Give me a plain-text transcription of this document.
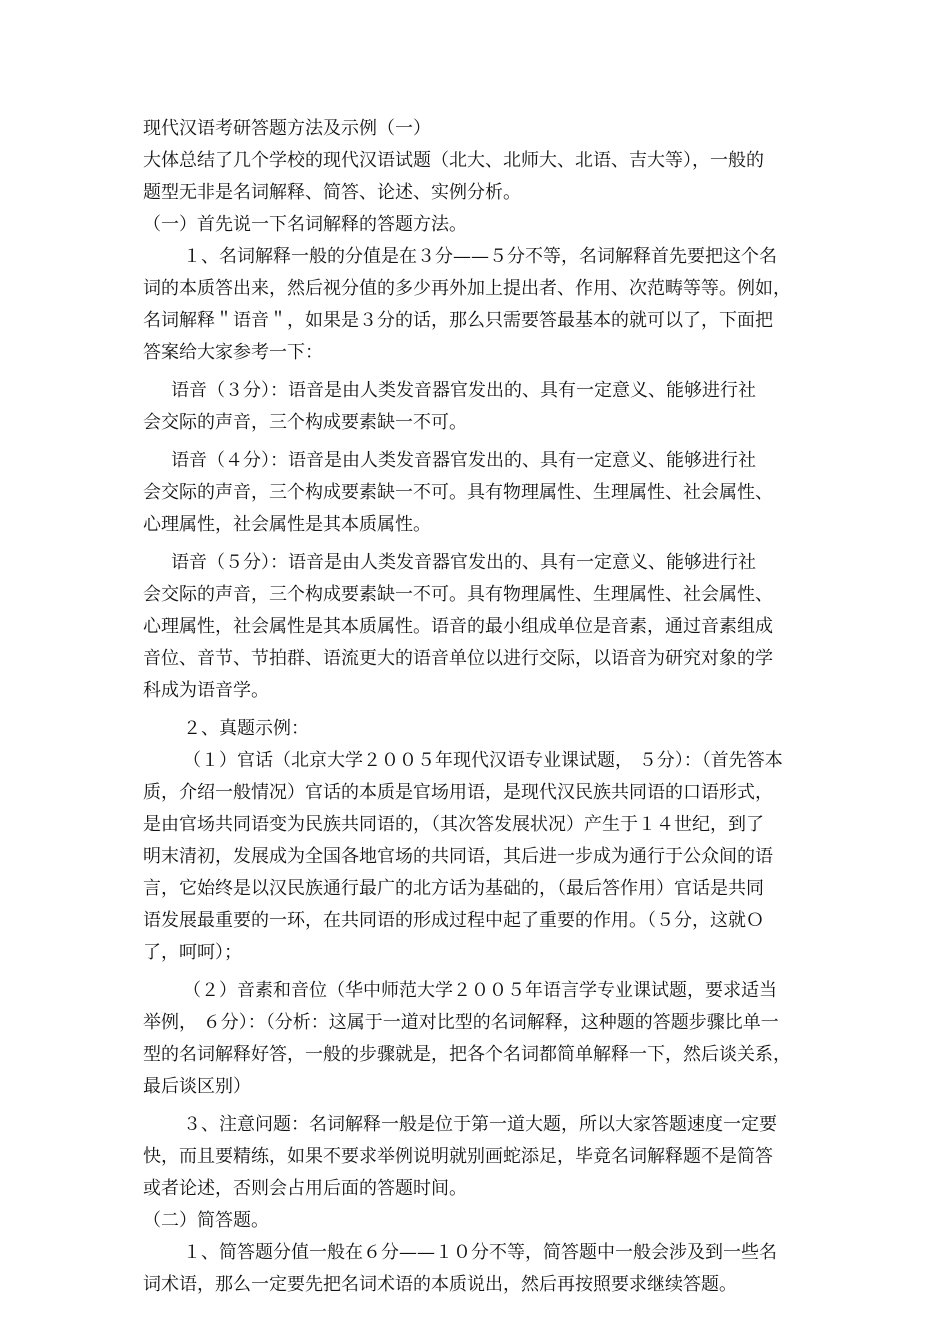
现代汉语考研答题方法及示例（一）
大体总结了几个学校的现代汉语试题（北大、北师大、北语、吉大等），一般的
题型无非是名词解释、简答、论述、实例分析。
（一）首先说一下名词解释的答题方法。
１、名词解释一般的分值是在３分——５分不等，名词解释首先要把这个名
词的本质答出来，然后视分值的多少再外加上提出者、作用、次范畴等等。例如，
名词解释＂语音＂，如果是３分的话，那么只需要答最基本的就可以了，下面把
答案给大家参考一下：
语音（３分）：语音是由人类发音器官发出的、具有一定意义、能够进行社
会交际的声音，三个构成要素缺一不可。
语音（４分）：语音是由人类发音器官发出的、具有一定意义、能够进行社
会交际的声音，三个构成要素缺一不可。具有物理属性、生理属性、社会属性、
心理属性，社会属性是其本质属性。
语音（５分）：语音是由人类发音器官发出的、具有一定意义、能够进行社
会交际的声音，三个构成要素缺一不可。具有物理属性、生理属性、社会属性、
心理属性，社会属性是其本质属性。语音的最小组成单位是音素，通过音素组成
音位、音节、节拍群、语流更大的语音单位以进行交际，以语音为研究对象的学
科成为语音学。
２、真题示例：
（１）官话（北京大学２００５年现代汉语专业课试题， ５分）：（首先答本
质，介绍一般情况）官话的本质是官场用语，是现代汉民族共同语的口语形式，
是由官场共同语变为民族共同语的，（其次答发展状况）产生于１４世纪，到了
明末清初，发展成为全国各地官场的共同语，其后进一步成为通行于公众间的语
言，它始终是以汉民族通行最广的北方话为基础的，（最后答作用）官话是共同
语发展最重要的一环，在共同语的形成过程中起了重要的作用。（５分，这就Ｏ
了，呵呵）；
（２）音素和音位（华中师范大学２００５年语言学专业课试题，要求适当
举例， ６分）：（分析：这属于一道对比型的名词解释，这种题的答题步骤比单一
型的名词解释好答，一般的步骤就是，把各个名词都简单解释一下，然后谈关系，
最后谈区别）
３、注意问题：名词解释一般是位于第一道大题，所以大家答题速度一定要
快，而且要精练，如果不要求举例说明就别画蛇添足，毕竟名词解释题不是简答
或者论述，否则会占用后面的答题时间。
（二）简答题。
１、简答题分值一般在６分——１０分不等，简答题中一般会涉及到一些名
词术语，那么一定要先把名词术语的本质说出，然后再按照要求继续答题。
